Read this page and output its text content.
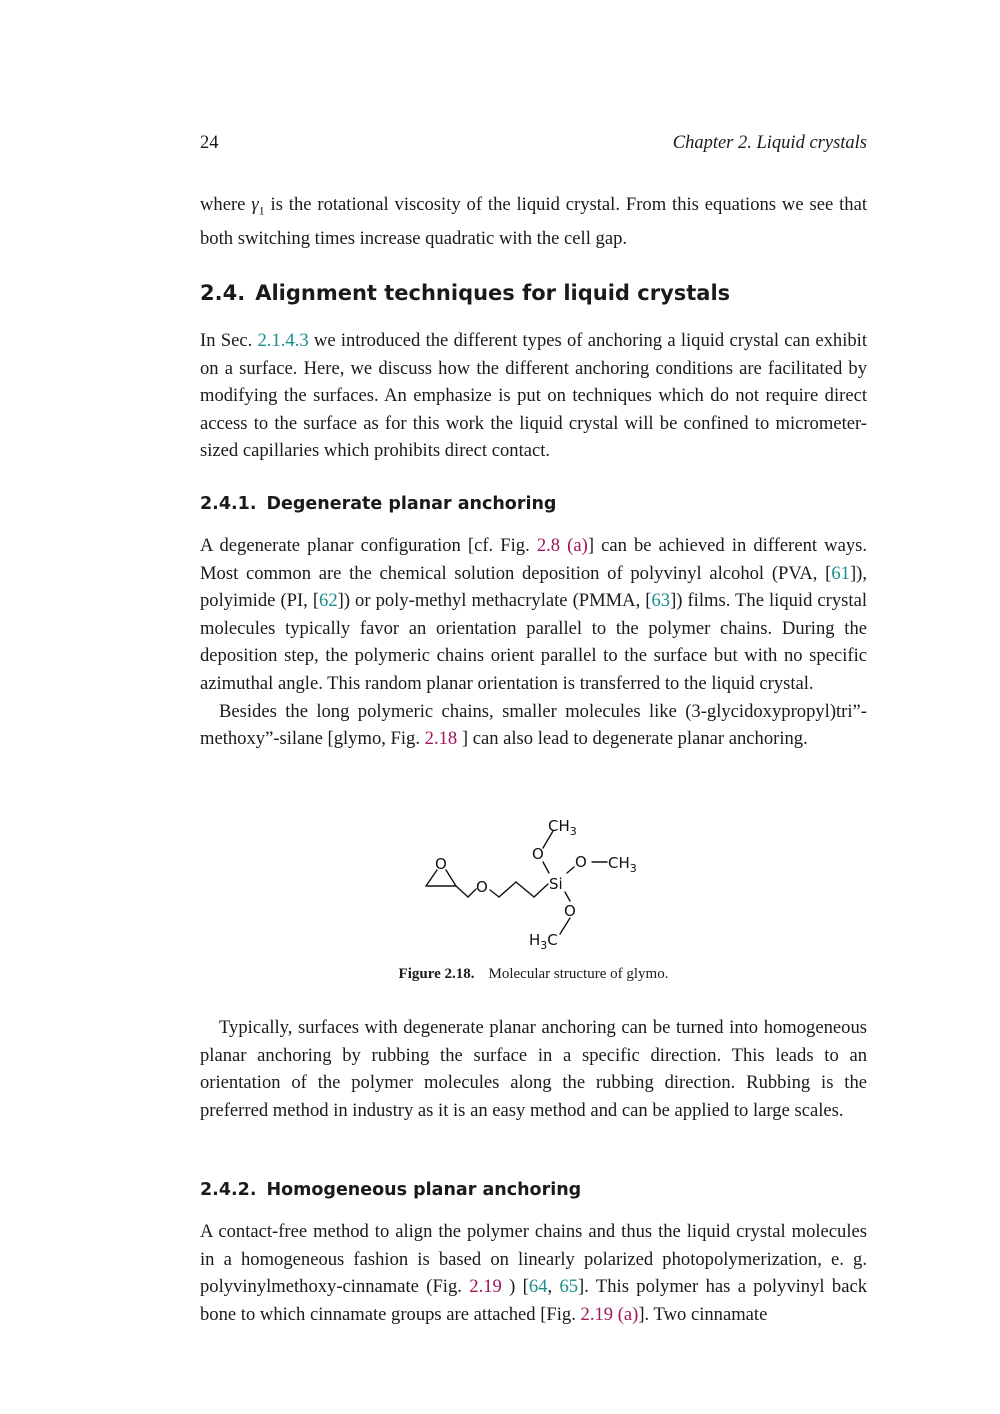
24	Chapter 2. Liquid crystals

where $\gamma_1$ is the rotational viscosity of the liquid crystal. From this equations we see that both switching times increase quadratic with the cell gap.

2.4. Alignment techniques for liquid crystals

In Sec. 2.1.4.3 we introduced the different types of anchoring a liquid crystal can exhibit on a surface. Here, we discuss how the different anchoring conditions are facilitated by modifying the surfaces. An emphasize is put on techniques which do not require direct access to the surface as for this work the liquid crystal will be confined to micrometer-sized capillaries which prohibits direct contact.

2.4.1. Degenerate planar anchoring

A degenerate planar configuration [cf. Fig. 2.8 (a)] can be achieved in different ways. Most common are the chemical solution deposition of polyvinyl alcohol (PVA, [61]), polyimide (PI, [62]) or poly-methyl methacrylate (PMMA, [63]) films. The liquid crystal molecules typically favor an orientation parallel to the polymer chains. During the deposition step, the polymeric chains orient parallel to the surface but with no specific azimuthal angle. This random planar orientation is transferred to the liquid crystal.

Besides the long polymeric chains, smaller molecules like (3-glycidoxypropyl)tri”-methoxy”-silane [glymo, Fig. 2.18 ] can also lead to degenerate planar anchoring.

O
O	Si
O
$CH_3$
O $CH_3$
O
$H_3C$
Figure 2.18. Molecular structure of glymo.

Typically, surfaces with degenerate planar anchoring can be turned into homogeneous planar anchoring by rubbing the surface in a specific direction. This leads to an orientation of the polymer molecules along the rubbing direction. Rubbing is the preferred method in industry as it is an easy method and can be applied to large scales.

2.4.2. Homogeneous planar anchoring

A contact-free method to align the polymer chains and thus the liquid crystal molecules in a homogeneous fashion is based on linearly polarized photopolymerization, e. g. polyvinylmethoxy-cinnamate (Fig. 2.19 ) [64, 65]. This polymer has a polyvinyl back bone to which cinnamate groups are attached [Fig. 2.19 (a)]. Two cinnamate
